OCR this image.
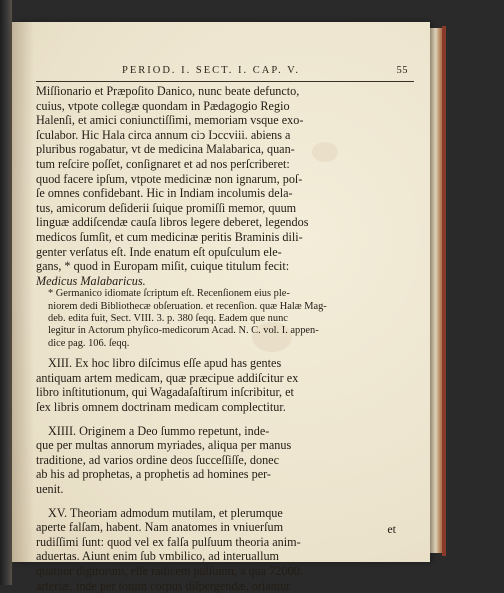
PERIOD. I. SECT. I. CAP. V.	55
Miſſionario et Præpoſito Danico, nunc beate defuncto,
cuius, vtpote collegæ quondam in Pædagogio Regio
Halenſi, et amici coniunctiſſimi, memoriam vsque exo-
ſculabor. Hic Hala circa annum ciↄ Iↄccviii. abiens a
pluribus rogabatur, vt de medicina Malabarica, quan-
tum reſcire poſſet, conſignaret et ad nos perſcriberet:
quod facere ipſum, vtpote medicinæ non ignarum, poſ-
ſe omnes confidebant. Hic in Indiam incolumis dela-
tus, amicorum deſiderii ſuique promiſſi memor, quum
linguæ addiſcendæ cauſa libros legere deberet, legendos
medicos ſumſit, et cum medicinæ peritis Braminis dili-
genter verſatus eſt. Inde enatum eſt opuſculum ele-
gans, * quod in Europam miſit, cuique titulum fecit:
Medicus Malabaricus.
* Germanico idiomate ſcriptum eſt. Recenſionem eius ple-
niorem dedi Bibliothecæ obſeruation. et recenſion. quæ Halæ Mag-
deb. edita fuit, Sect. VIII. 3. p. 380 ſeqq. Eadem que nunc
legitur in Actorum phyſico-medicorum Acad. N. C. vol. I. appen-
dice pag. 106. ſeqq.
XIII. Ex hoc libro diſcimus eſſe apud has gentes
antiquam artem medicam, quæ præcipue addiſcitur ex
libro inſtitutionum, qui Wagadaſaſtirum inſcribitur, et
ſex libris omnem doctrinam medicam complectitur.
XIIII. Originem a Deo ſummo repetunt, inde-
que per multas annorum myriades, aliqua per manus
traditione, ad varios ordine deos ſucceſſiſſe, donec
ab his ad prophetas, a prophetis ad homines per-
uenit.
XV. Theoriam admodum mutilam, et plerumque
aperte falſam, habent. Nam anatomes in vniuerſum
rudiſſimi ſunt: quod vel ex falſa pulſuum theoria anim-
aduertas. Aiunt enim ſub vmbilico, ad interuallum
quatuor digitorum, eſſe radicem pulſuum, a qua 72000.
arteriæ, inde per totum corpus diſpergendæ, oriantur
et
